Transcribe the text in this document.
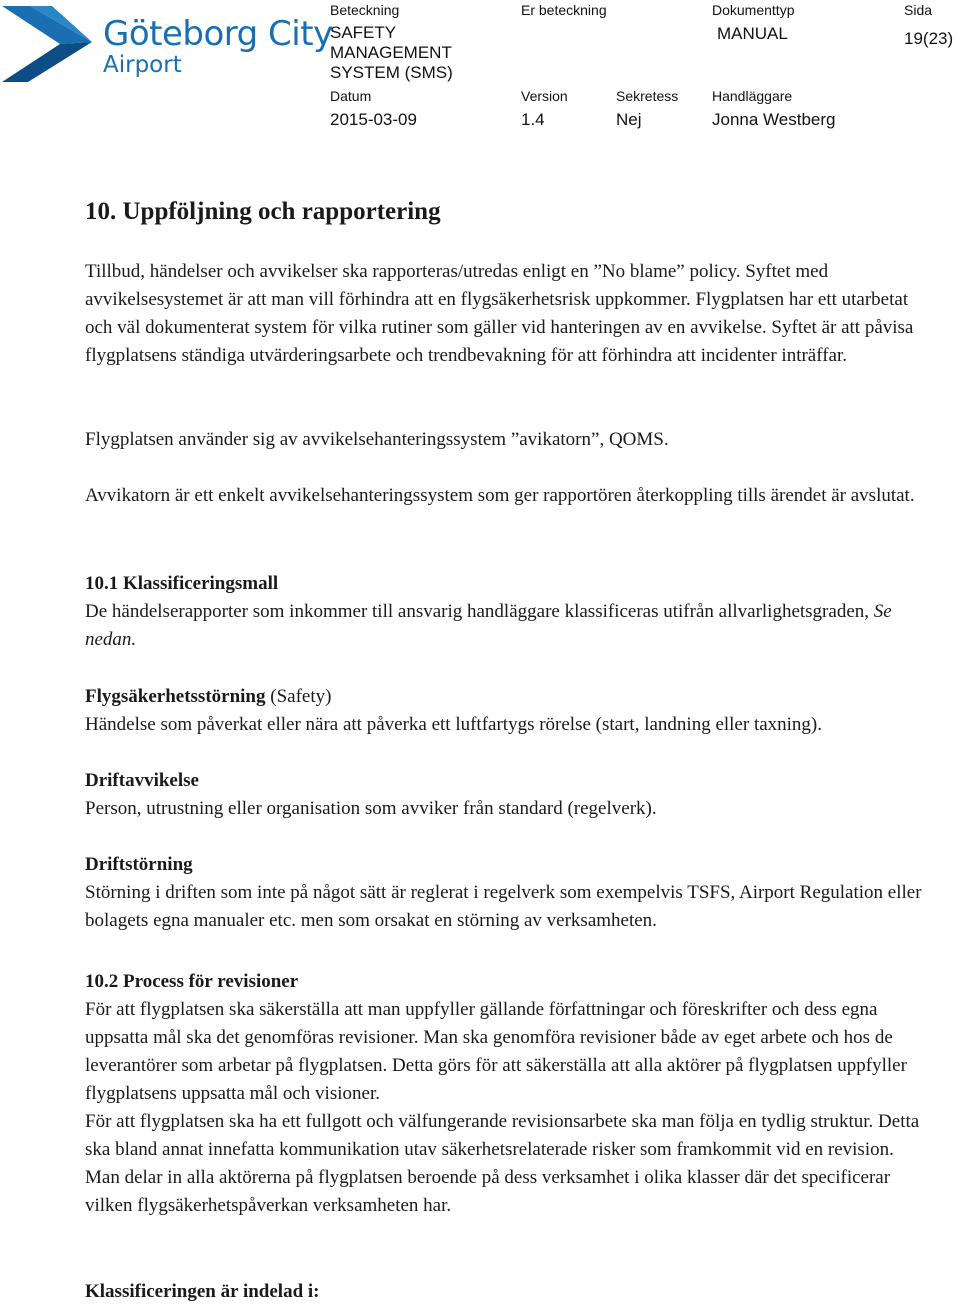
Göteborg City
Airport
Beteckning
SAFETY MANAGEMENT SYSTEM (SMS)
Er beteckning	Dokumenttyp
MANUAL
Sida
19(23)
Datum
2015-03-09
Version
1.4
Sekretess
Nej
Handläggare
Jonna Westberg
10. Uppföljning och rapportering

Tillbud, händelser och avvikelser ska rapporteras/utredas enligt en ”No blame” policy. Syftet med avvikelsesystemet är att man vill förhindra att en flygsäkerhetsrisk uppkommer. Flygplatsen har ett utarbetat och väl dokumenterat system för vilka rutiner som gäller vid hanteringen av en avvikelse. Syftet är att påvisa flygplatsens ständiga utvärderingsarbete och trendbevakning för att förhindra att incidenter inträffar.

Flygplatsen använder sig av avvikelsehanteringssystem ”avikatorn”, QOMS.

Avvikatorn är ett enkelt avvikelsehanteringssystem som ger rapportören återkoppling tills ärendet är avslutat.

10.1 Klassificeringsmall

De händelserapporter som inkommer till ansvarig handläggare klassificeras utifrån allvarlighetsgraden, Se nedan.

Flygsäkerhetsstörning (Safety)

Händelse som påverkat eller nära att påverka ett luftfartygs rörelse (start, landning eller taxning).

Driftavvikelse

Person, utrustning eller organisation som avviker från standard (regelverk).

Driftstörning

Störning i driften som inte på något sätt är reglerat i regelverk som exempelvis TSFS, Airport Regulation eller bolagets egna manualer etc. men som orsakat en störning av verksamheten.

10.2 Process för revisioner

För att flygplatsen ska säkerställa att man uppfyller gällande författningar och föreskrifter och dess egna uppsatta mål ska det genomföras revisioner. Man ska genomföra revisioner både av eget arbete och hos de leverantörer som arbetar på flygplatsen. Detta görs för att säkerställa att alla aktörer på flygplatsen uppfyller flygplatsens uppsatta mål och visioner.

För att flygplatsen ska ha ett fullgott och välfungerande revisionsarbete ska man följa en tydlig struktur. Detta ska bland annat innefatta kommunikation utav säkerhetsrelaterade risker som framkommit vid en revision.

Man delar in alla aktörerna på flygplatsen beroende på dess verksamhet i olika klasser där det specificerar vilken flygsäkerhetspåverkan verksamheten har.

Klassificeringen är indelad i:
